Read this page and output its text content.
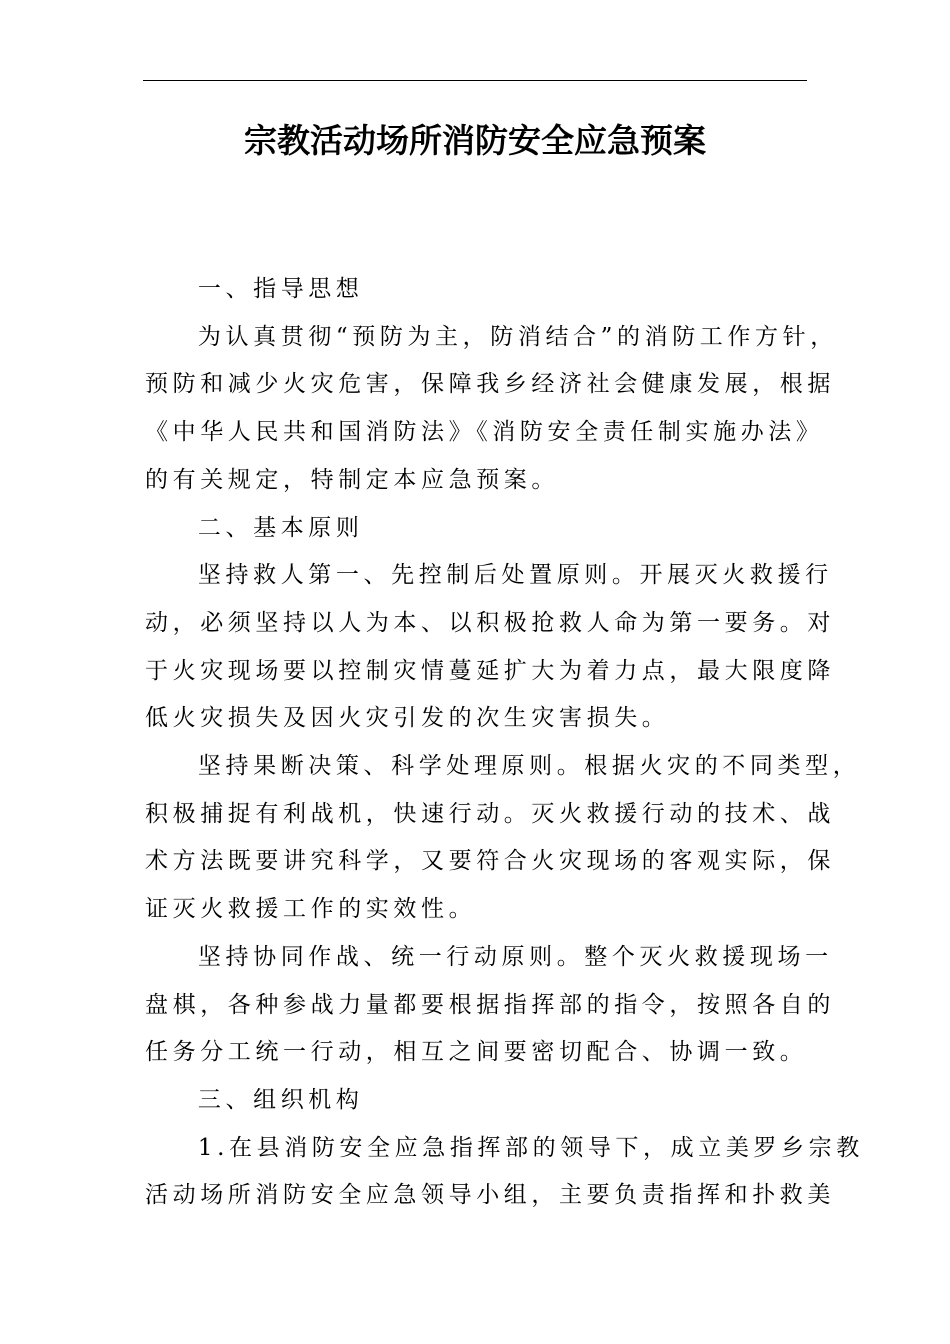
宗教活动场所消防安全应急预案
一、指导思想
为认真贯彻“预防为主，防消结合”的消防工作方针，
预防和减少火灾危害，保障我乡经济社会健康发展，根据
《中华人民共和国消防法》《消防安全责任制实施办法》
的有关规定，特制定本应急预案。
二、基本原则
坚持救人第一、先控制后处置原则。开展灭火救援行
动，必须坚持以人为本、以积极抢救人命为第一要务。对
于火灾现场要以控制灾情蔓延扩大为着力点，最大限度降
低火灾损失及因火灾引发的次生灾害损失。
坚持果断决策、科学处理原则。根据火灾的不同类型，
积极捕捉有利战机，快速行动。灭火救援行动的技术、战
术方法既要讲究科学，又要符合火灾现场的客观实际，保
证灭火救援工作的实效性。
坚持协同作战、统一行动原则。整个灭火救援现场一
盘棋，各种参战力量都要根据指挥部的指令，按照各自的
任务分工统一行动，相互之间要密切配合、协调一致。
三、组织机构
1.在县消防安全应急指挥部的领导下，成立美罗乡宗教
活动场所消防安全应急领导小组，主要负责指挥和扑救美
